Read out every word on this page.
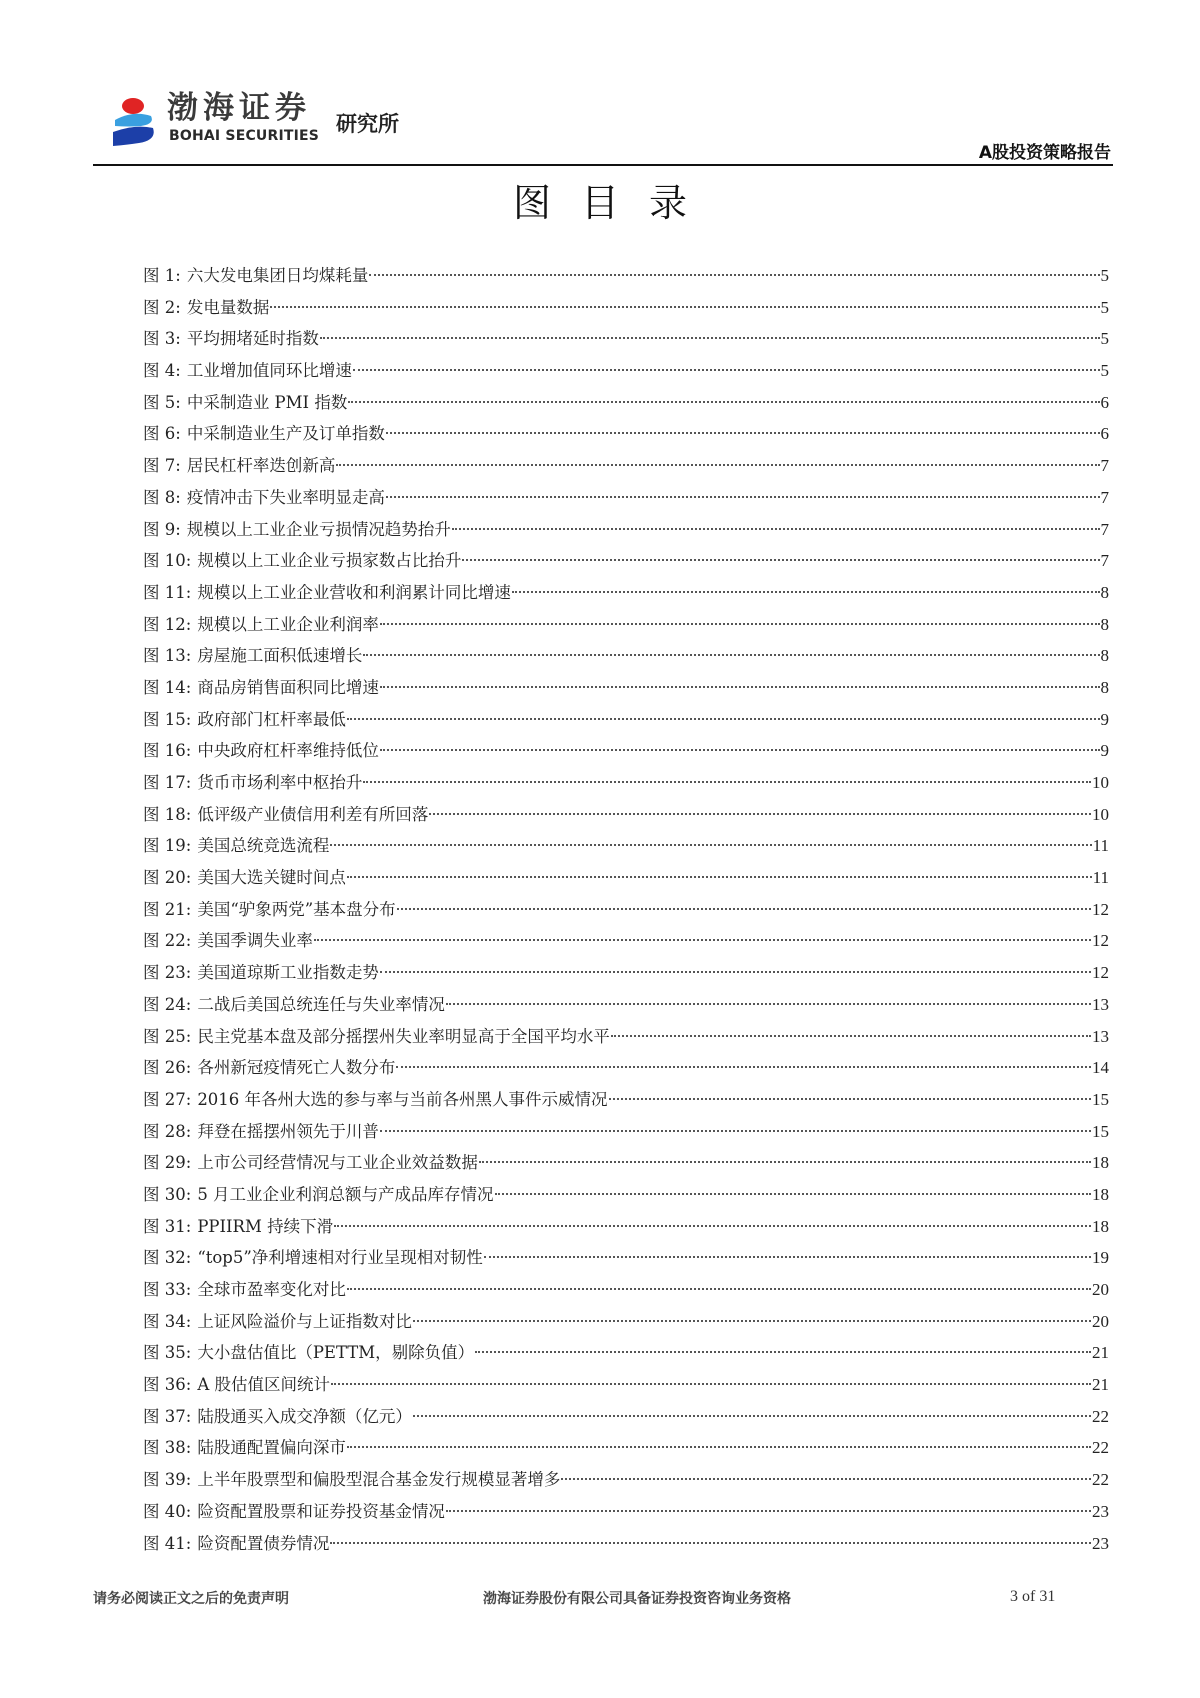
渤海证券
BOHAI SECURITIES 研究所
A股投资策略报告
图目录
图 1: 六大发电集团日均煤耗量	5
图 2: 发电量数据	5
图 3: 平均拥堵延时指数	5
图 4: 工业增加值同环比增速	5
图 5: 中采制造业 PMI 指数	6
图 6: 中采制造业生产及订单指数	6
图 7: 居民杠杆率迭创新高	7
图 8: 疫情冲击下失业率明显走高	7
图 9: 规模以上工业企业亏损情况趋势抬升	7
图 10: 规模以上工业企业亏损家数占比抬升	7
图 11: 规模以上工业企业营收和利润累计同比增速	8
图 12: 规模以上工业企业利润率	8
图 13: 房屋施工面积低速增长	8
图 14: 商品房销售面积同比增速	8
图 15: 政府部门杠杆率最低	9
图 16: 中央政府杠杆率维持低位	9
图 17: 货币市场利率中枢抬升	10
图 18: 低评级产业债信用利差有所回落	10
图 19: 美国总统竞选流程	11
图 20: 美国大选关键时间点	11
图 21: 美国“驴象两党”基本盘分布	12
图 22: 美国季调失业率	12
图 23: 美国道琼斯工业指数走势	12
图 24: 二战后美国总统连任与失业率情况	13
图 25: 民主党基本盘及部分摇摆州失业率明显高于全国平均水平	13
图 26: 各州新冠疫情死亡人数分布	14
图 27: 2016 年各州大选的参与率与当前各州黑人事件示威情况	15
图 28: 拜登在摇摆州领先于川普	15
图 29: 上市公司经营情况与工业企业效益数据	18
图 30: 5 月工业企业利润总额与产成品库存情况	18
图 31: PPIIRM 持续下滑	18
图 32: “top5”净利增速相对行业呈现相对韧性	19
图 33: 全球市盈率变化对比	20
图 34: 上证风险溢价与上证指数对比	20
图 35: 大小盘估值比（PETTM，剔除负值）	21
图 36: A 股估值区间统计	21
图 37: 陆股通买入成交净额（亿元）	22
图 38: 陆股通配置偏向深市	22
图 39: 上半年股票型和偏股型混合基金发行规模显著增多	22
图 40: 险资配置股票和证券投资基金情况	23
图 41: 险资配置债券情况	23
请务必阅读正文之后的免责声明	渤海证券股份有限公司具备证券投资咨询业务资格	3 of 31
